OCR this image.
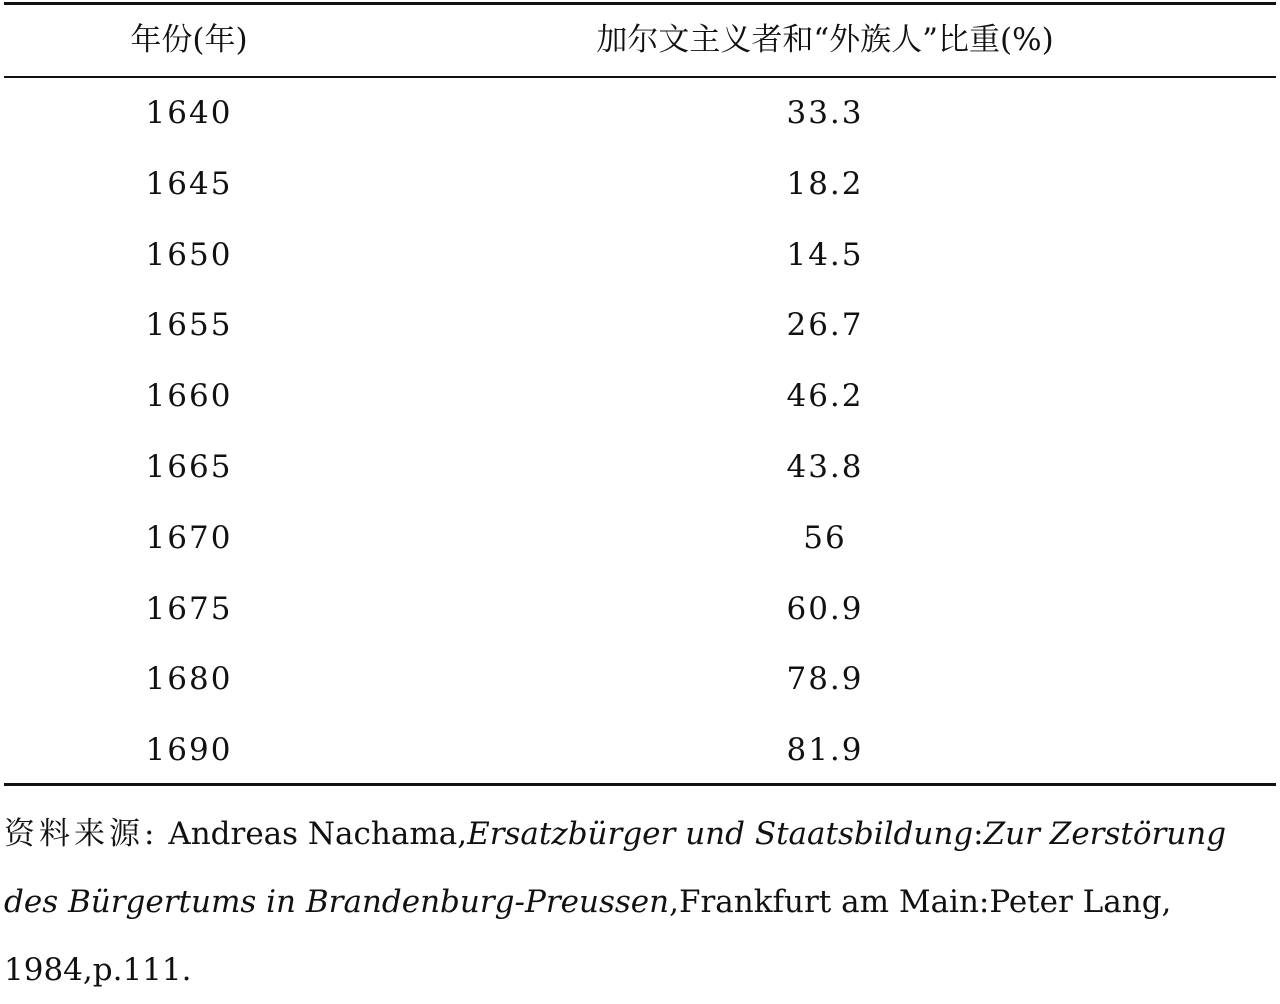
年份(年)	加尔文主义者和“外族人”比重(%)
1640	33.3
1645	18.2
1650	14.5
1655	26.7
1660	46.2
1665	43.8
1670	56
1675	60.9
1680	78.9
1690	81.9
资料来源: Andreas Nachama,Ersatzbürger und Staatsbildung:Zur Zerstörung des Bürgertums in Brandenburg-Preussen,Frankfurt am Main:Peter Lang,
1984,p.111.
